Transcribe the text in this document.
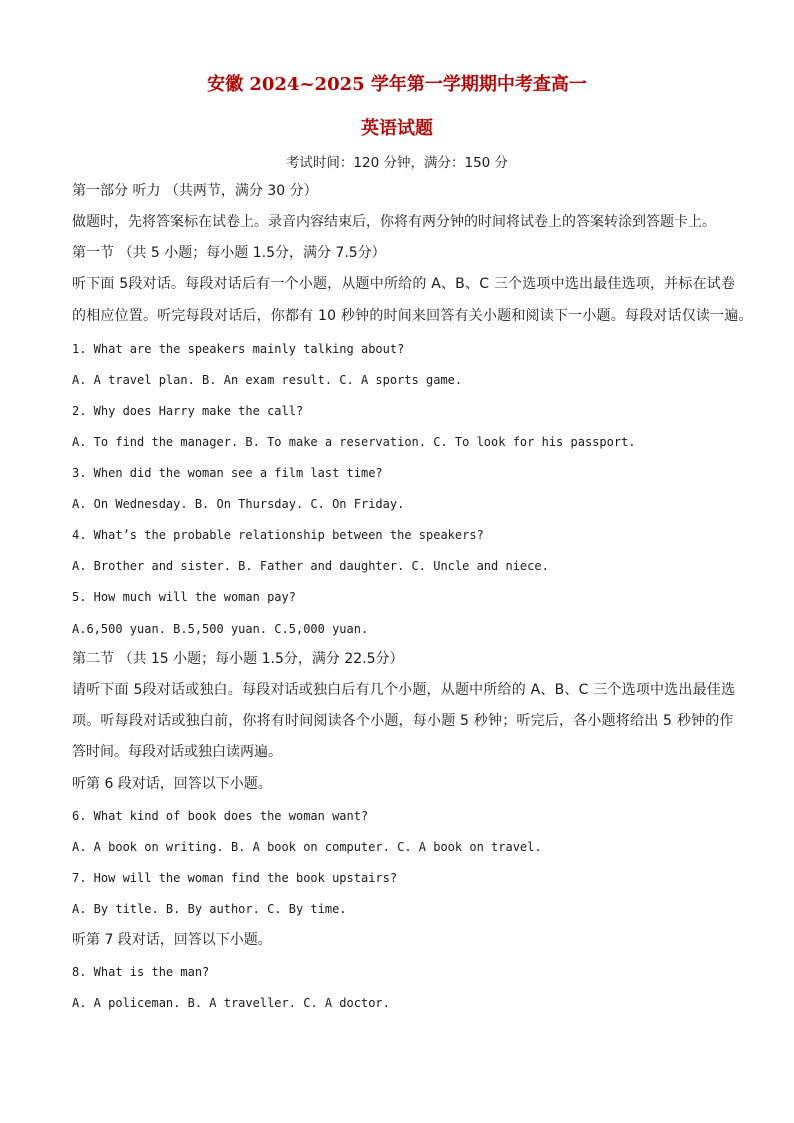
安徽 2024~2025 学年第一学期期中考查高一
英语试题
考试时间：120 分钟，满分：150 分
第一部分 听力 （共两节，满分 30 分）
做题时，先将答案标在试卷上。录音内容结束后，你将有两分钟的时间将试卷上的答案转涂到答题卡上。
第一节 （共 5 小题；每小题 1.5分，满分 7.5分）
听下面 5段对话。每段对话后有一个小题，从题中所给的 A、B、C 三个选项中选出最佳选项，并标在试卷
的相应位置。听完每段对话后，你都有 10 秒钟的时间来回答有关小题和阅读下一小题。每段对话仅读一遍。
1. What are the speakers mainly talking about?
A. A travel plan. B. An exam result. C. A sports game.
2. Why does Harry make the call?
A. To find the manager. B. To make a reservation. C. To look for his passport.
3. When did the woman see a film last time?
A. On Wednesday. B. On Thursday. C. On Friday.
4. What’s the probable relationship between the speakers?
A. Brother and sister. B. Father and daughter. C. Uncle and niece.
5. How much will the woman pay?
A.6,500 yuan. B.5,500 yuan. C.5,000 yuan.
第二节 （共 15 小题；每小题 1.5分，满分 22.5分）
请听下面 5段对话或独白。每段对话或独白后有几个小题，从题中所给的 A、B、C 三个选项中选出最佳选
项。听每段对话或独白前，你将有时间阅读各个小题，每小题 5 秒钟；听完后，各小题将给出 5 秒钟的作
答时间。每段对话或独白读两遍。
听第 6 段对话，回答以下小题。
6. What kind of book does the woman want?
A. A book on writing. B. A book on computer. C. A book on travel.
7. How will the woman find the book upstairs?
A. By title. B. By author. C. By time.
听第 7 段对话，回答以下小题。
8. What is the man?
A. A policeman. B. A traveller. C. A doctor.
